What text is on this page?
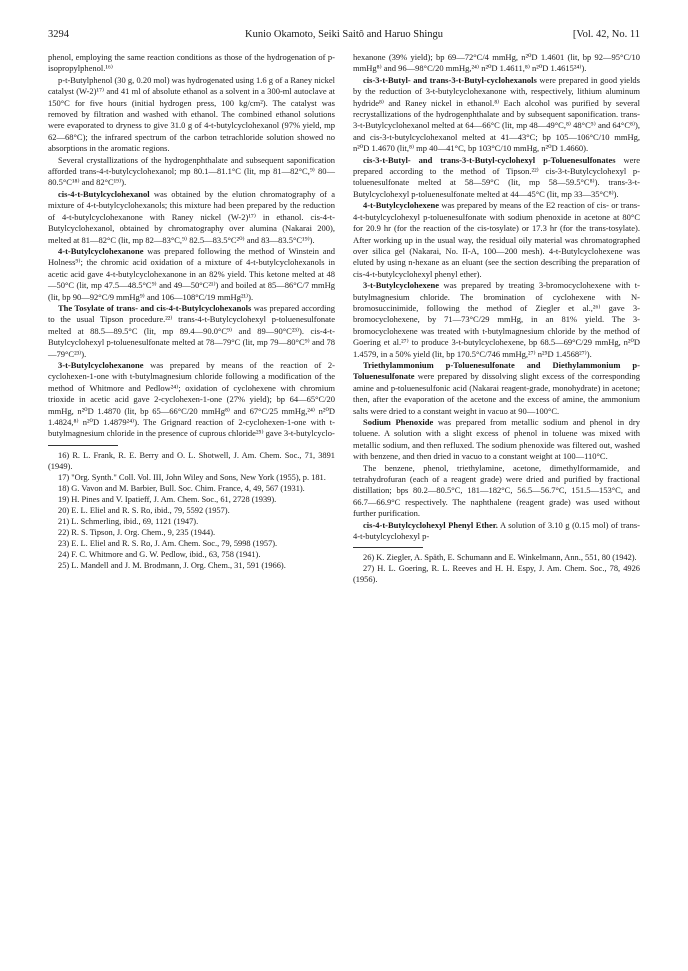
3294	Kunio Okamoto, Seiki Saitô and Haruo Shingu	[Vol. 42, No. 11

phenol, employing the same reaction conditions as those of the hydrogenation of p-isopropylphenol.¹⁶⁾

p-t-Butylphenol (30 g, 0.20 mol) was hydrogenated using 1.6 g of a Raney nickel catalyst (W-2)¹⁷⁾ and 41 ml of absolute ethanol as a solvent in a 300-ml autoclave at 150°C for five hours (initial hydrogen press, 100 kg/cm²). The catalyst was removed by filtration and washed with ethanol. The combined ethanol solutions were evaporated to dryness to give 31.0 g of 4-t-butylcyclohexanol (97% yield, mp 62—68°C); the infrared spectrum of the carbon tetrachloride solution showed no absorptions in the aromatic regions.

Several crystallizations of the hydrogenphthalate and subsequent saponification afforded trans-4-t-butylcyclohexanol; mp 80.1—81.1°C (lit, mp 81—82°C,⁹⁾ 80—80.5°C¹⁸⁾ and 82°C¹⁹⁾).

cis-4-t-Butylcyclohexanol was obtained by the elution chromatography of a mixture of 4-t-butylcyclohexanols; this mixture had been prepared by the reduction of 4-t-butylcyclohexanone with Raney nickel (W-2)¹⁷⁾ in ethanol. cis-4-t-Butylcyclohexanol, obtained by chromatography over alumina (Nakarai 200), melted at 81—82°C (lit, mp 82—83°C,⁹⁾ 82.5—83.5°C²⁰⁾ and 83—83.5°C¹⁹⁾).

4-t-Butylcyclohexanone was prepared following the method of Winstein and Holness⁹⁾; the chromic acid oxidation of a mixture of 4-t-butylcyclohexanols in acetic acid gave 4-t-butylcyclohexanone in an 82% yield. This ketone melted at 48—50°C (lit, mp 47.5—48.5°C⁹⁾ and 49—50°C²¹⁾) and boiled at 85—86°C/7 mmHg (lit, bp 90—92°C/9 mmHg⁹⁾ and 106—108°C/19 mmHg²¹⁾).

The Tosylate of trans- and cis-4-t-Butylcyclohexanols was prepared according to the usual Tipson procedure.²²⁾ trans-4-t-Butylcyclohexyl p-toluenesulfonate melted at 88.5—89.5°C (lit, mp 89.4—90.0°C⁹⁾ and 89—90°C²³⁾). cis-4-t-Butylcyclohexyl p-toluenesulfonate melted at 78—79°C (lit, mp 79—80°C⁹⁾ and 78—79°C²³⁾).

3-t-Butylcyclohexanone was prepared by means of the reaction of 2-cyclohexen-1-one with t-butylmagnesium chloride following a modification of the method of Whitmore and Pedlow²⁴⁾; oxidation of cyclohexene with chromium trioxide in acetic acid gave 2-cyclohexen-1-one (27% yield); bp 64—65°C/20 mmHg, n²⁰D 1.4870 (lit, bp 65—66°C/20 mmHg⁸⁾ and 67°C/25 mmHg,²⁴⁾ n²⁰D 1.4824,⁸⁾ n²⁰D 1.4879²⁴⁾). The Grignard reaction of 2-cyclohexen-1-one with t-butylmagnesium chloride in the presence of cuprous chloride²⁵⁾ gave 3-t-butylcyclo-

16) R. L. Frank, R. E. Berry and O. L. Shotwell, J. Am. Chem. Soc., 71, 3891 (1949).

17) "Org. Synth." Coll. Vol. III, John Wiley and Sons, New York (1955), p. 181.

18) G. Vavon and M. Barbier, Bull. Soc. Chim. France, 4, 49, 567 (1931).

19) H. Pines and V. Ipatieff, J. Am. Chem. Soc., 61, 2728 (1939).

20) E. L. Eliel and R. S. Ro, ibid., 79, 5592 (1957).

21) L. Schmerling, ibid., 69, 1121 (1947).

22) R. S. Tipson, J. Org. Chem., 9, 235 (1944).

23) E. L. Eliel and R. S. Ro, J. Am. Chem. Soc., 79, 5998 (1957).

24) F. C. Whitmore and G. W. Pedlow, ibid., 63, 758 (1941).

25) L. Mandell and J. M. Brodmann, J. Org. Chem., 31, 591 (1966).

hexanone (39% yield); bp 69—72°C/4 mmHg, n²⁰D 1.4601 (lit, bp 92—95°C/10 mmHg⁸⁾ and 96—98°C/20 mmHg,²⁴⁾ n²⁰D 1.4611,⁸⁾ n²⁰D 1.4615²⁴⁾).

cis-3-t-Butyl- and trans-3-t-Butyl-cyclohexanols were prepared in good yields by the reduction of 3-t-butylcyclohexanone with, respectively, lithium aluminum hydride⁸⁾ and Raney nickel in ethanol.⁸⁾ Each alcohol was purified by several recrystallizations of the hydrogenphthalate and by subsequent saponification. trans-3-t-Butylcyclohexanol melted at 64—66°C (lit, mp 48—49°C,⁸⁾ 48°C⁵⁾ and 64°C⁸⁾), and cis-3-t-butylcyclohexanol melted at 41—43°C; bp 105—106°C/10 mmHg, n²⁰D 1.4670 (lit,⁸⁾ mp 40—41°C, bp 103°C/10 mmHg, n²⁰D 1.4660).

cis-3-t-Butyl- and trans-3-t-Butyl-cyclohexyl p-Toluenesulfonates were prepared according to the method of Tipson.²²⁾ cis-3-t-Butylcyclohexyl p-toluenesulfonate melted at 58—59°C (lit, mp 58—59.5°C⁸⁾). trans-3-t-Butylcyclohexyl p-toluenesulfonate melted at 44—45°C (lit, mp 33—35°C⁸⁾).

4-t-Butylcyclohexene was prepared by means of the E2 reaction of cis- or trans-4-t-butylcyclohexyl p-toluenesulfonate with sodium phenoxide in acetone at 80°C for 20.9 hr (for the reaction of the cis-tosylate) or 17.3 hr (for the trans-tosylate). After working up in the usual way, the residual oily material was chromatographed over silica gel (Nakarai, No. II-A, 100—200 mesh). 4-t-Butylcyclohexene was eluted by using n-hexane as an eluant (see the section describing the preparation of cis-4-t-butylcyclohexyl phenyl ether).

3-t-Butylcyclohexene was prepared by treating 3-bromocyclohexene with t-butylmagnesium chloride. The bromination of cyclohexene with N-bromosuccinimide, following the method of Ziegler et al.,²⁶⁾ gave 3-bromocyclohexene, by 71—73°C/29 mmHg, in an 81% yield. The 3-bromocyclohexene was treated with t-butylmagnesium chloride by the method of Goering et al.²⁷⁾ to produce 3-t-butylcyclohexene, bp 68.5—69°C/29 mmHg, n²⁰D 1.4579, in a 50% yield (lit, bp 170.5°C/746 mmHg,²⁷⁾ n²⁵D 1.4568²⁷⁾).

Triethylammonium p-Toluenesulfonate and Diethylammonium p-Toluenesulfonate were prepared by dissolving slight excess of the corresponding amine and p-toluenesulfonic acid (Nakarai reagent-grade, monohydrate) in acetone; then, after the evaporation of the acetone and the excess of amine, the ammonium salts were dried to a constant weight in vacuo at 90—100°C.

Sodium Phenoxide was prepared from metallic sodium and phenol in dry toluene. A solution with a slight excess of phenol in toluene was mixed with metallic sodium, and then refluxed. The sodium phenoxide was filtered out, washed with benzene, and then dried in vacuo to a constant weight at 100—110°C.

The benzene, phenol, triethylamine, acetone, dimethylformamide, and tetrahydrofuran (each of a reagent grade) were dried and purified by fractional distillation; bps 80.2—80.5°C, 181—182°C, 56.5—56.7°C, 151.5—153°C, and 66.7—66.9°C respectively. The naphthalene (reagent grade) was used without further purification.

cis-4-t-Butylcyclohexyl Phenyl Ether. A solution of 3.10 g (0.15 mol) of trans-4-t-butylcyclohexyl p-

26) K. Ziegler, A. Späth, E. Schumann and E. Winkelmann, Ann., 551, 80 (1942).

27) H. L. Goering, R. L. Reeves and H. H. Espy, J. Am. Chem. Soc., 78, 4926 (1956).
